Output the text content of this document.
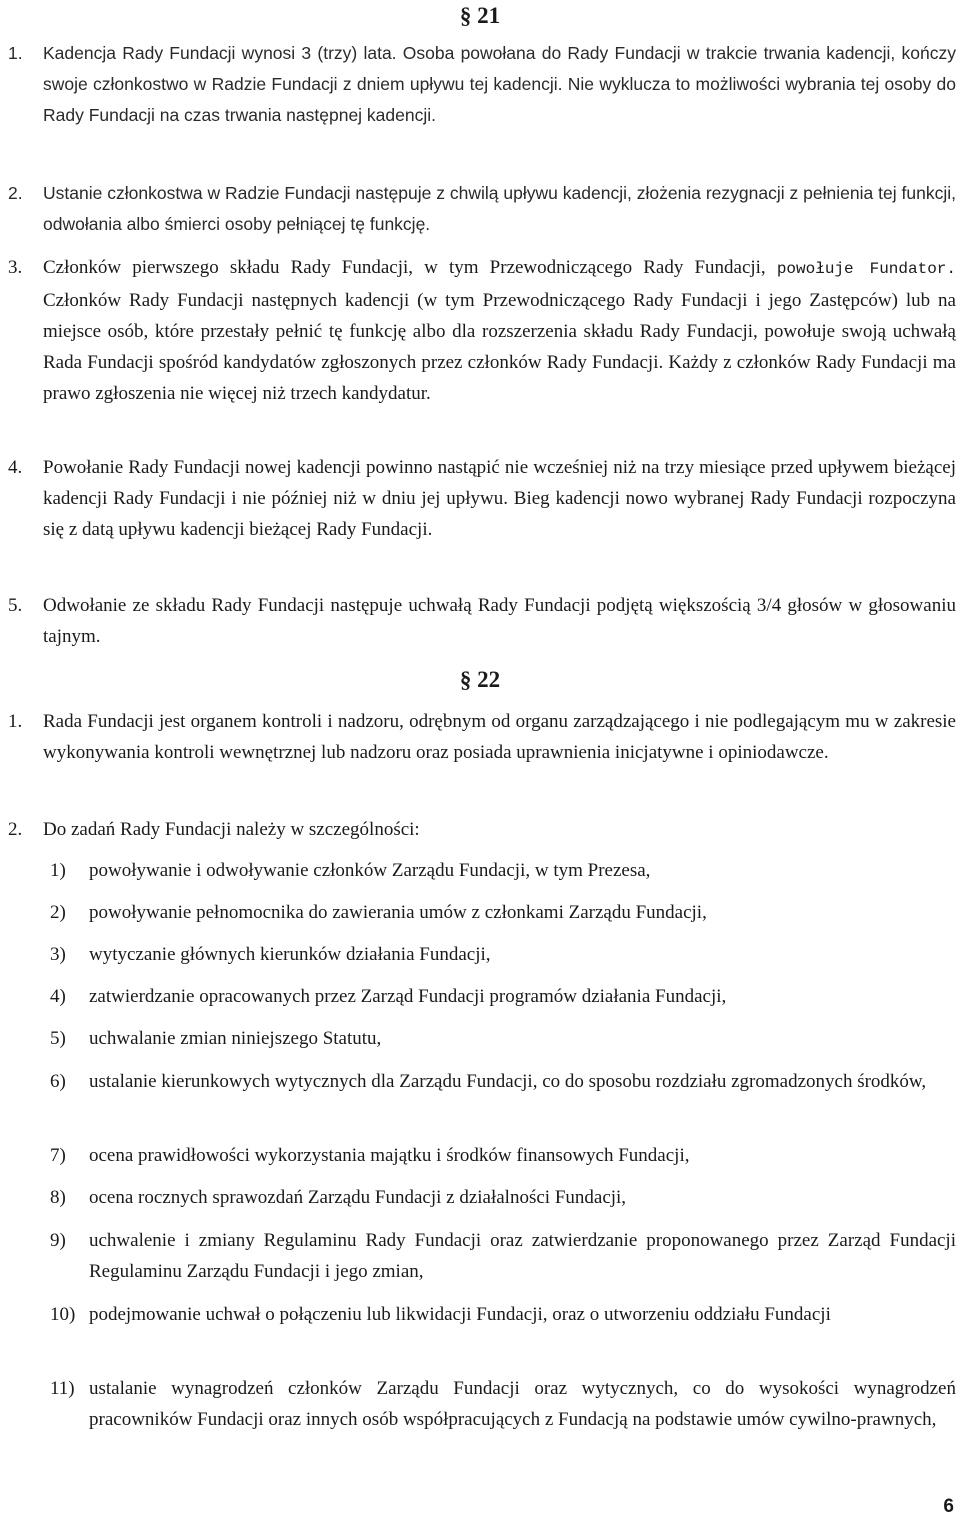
§ 21
1.	Kadencja Rady Fundacji wynosi 3 (trzy) lata. Osoba powołana do Rady Fundacji w trakcie trwania kadencji, kończy swoje członkostwo w Radzie Fundacji z dniem upływu tej kadencji. Nie wyklucza to możliwości wybrania tej osoby do Rady Fundacji na czas trwania następnej kadencji.
2.	Ustanie członkostwa w Radzie Fundacji następuje z chwilą upływu kadencji, złożenia rezygnacji z pełnienia tej funkcji, odwołania albo śmierci osoby pełniącej tę funkcję.
3.	Członków pierwszego składu Rady Fundacji, w tym Przewodniczącego Rady Fundacji, powołuje Fundator. Członków Rady Fundacji następnych kadencji (w tym Przewodniczącego Rady Fundacji i jego Zastępców) lub na miejsce osób, które przestały pełnić tę funkcję albo dla rozszerzenia składu Rady Fundacji, powołuje swoją uchwałą Rada Fundacji spośród kandydatów zgłoszonych przez członków Rady Fundacji. Każdy z członków Rady Fundacji ma prawo zgłoszenia nie więcej niż trzech kandydatur.
4.	Powołanie Rady Fundacji nowej kadencji powinno nastąpić nie wcześniej niż na trzy miesiące przed upływem bieżącej kadencji Rady Fundacji i nie później niż w dniu jej upływu. Bieg kadencji nowo wybranej Rady Fundacji rozpoczyna się z datą upływu kadencji bieżącej Rady Fundacji.
5.	Odwołanie ze składu Rady Fundacji następuje uchwałą Rady Fundacji podjętą większością 3/4 głosów w głosowaniu tajnym.
§ 22
1.	Rada Fundacji jest organem kontroli i nadzoru, odrębnym od organu zarządzającego i nie podlegającym mu w zakresie wykonywania kontroli wewnętrznej lub nadzoru oraz posiada uprawnienia inicjatywne i opiniodawcze.
2.	Do zadań Rady Fundacji należy w szczególności:
1)	powoływanie i odwoływanie członków Zarządu Fundacji, w tym Prezesa,
2)	powoływanie pełnomocnika do zawierania umów z członkami Zarządu Fundacji,
3)	wytyczanie głównych kierunków działania Fundacji,
4)	zatwierdzanie opracowanych przez Zarząd Fundacji programów działania Fundacji,
5)	uchwalanie zmian niniejszego Statutu,
6)	ustalanie kierunkowych wytycznych dla Zarządu Fundacji, co do sposobu rozdziału zgromadzonych środków,
7)	ocena prawidłowości wykorzystania majątku i środków finansowych Fundacji,
8)	ocena rocznych sprawozdań Zarządu Fundacji z działalności Fundacji,
9)	uchwalenie i zmiany Regulaminu Rady Fundacji oraz zatwierdzanie proponowanego przez Zarząd Fundacji Regulaminu Zarządu Fundacji i jego zmian,
10) podejmowanie uchwał o połączeniu lub likwidacji Fundacji, oraz o utworzeniu oddziału Fundacji
11) ustalanie wynagrodzeń członków Zarządu Fundacji oraz wytycznych, co do wysokości wynagrodzeń pracowników Fundacji oraz innych osób współpracujących z Fundacją na podstawie umów cywilno-prawnych,
6
